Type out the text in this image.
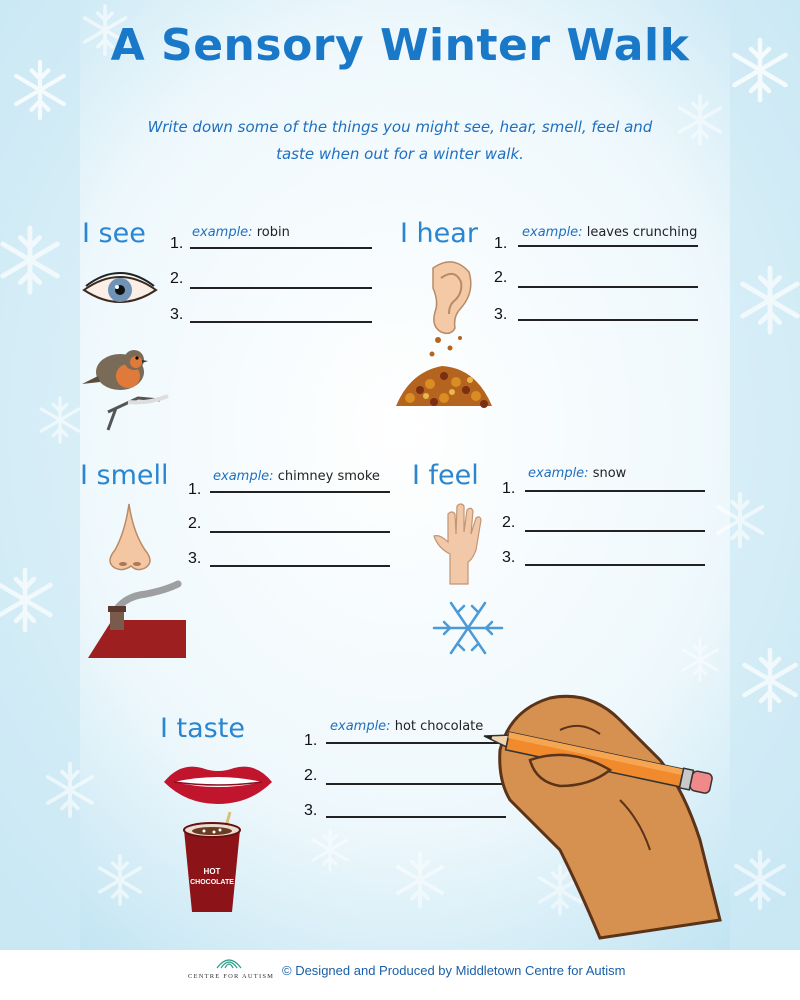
A Sensory Winter Walk
Write down some of the things you might see, hear, smell, feel and
taste when out for a winter walk.
I see	example: robin
1.
2.
3.
I hear	example: leaves crunching
1.
2.
3.
I smell	example: chimney smoke
1.
2.
3.
I feel	example: snow
1.
2.
3.
I taste	example: hot chocolate
1.
2.
3.
HOT
CHOCOLATE
CENTRE FOR AUTISM © Designed and Produced by Middletown Centre for Autism
